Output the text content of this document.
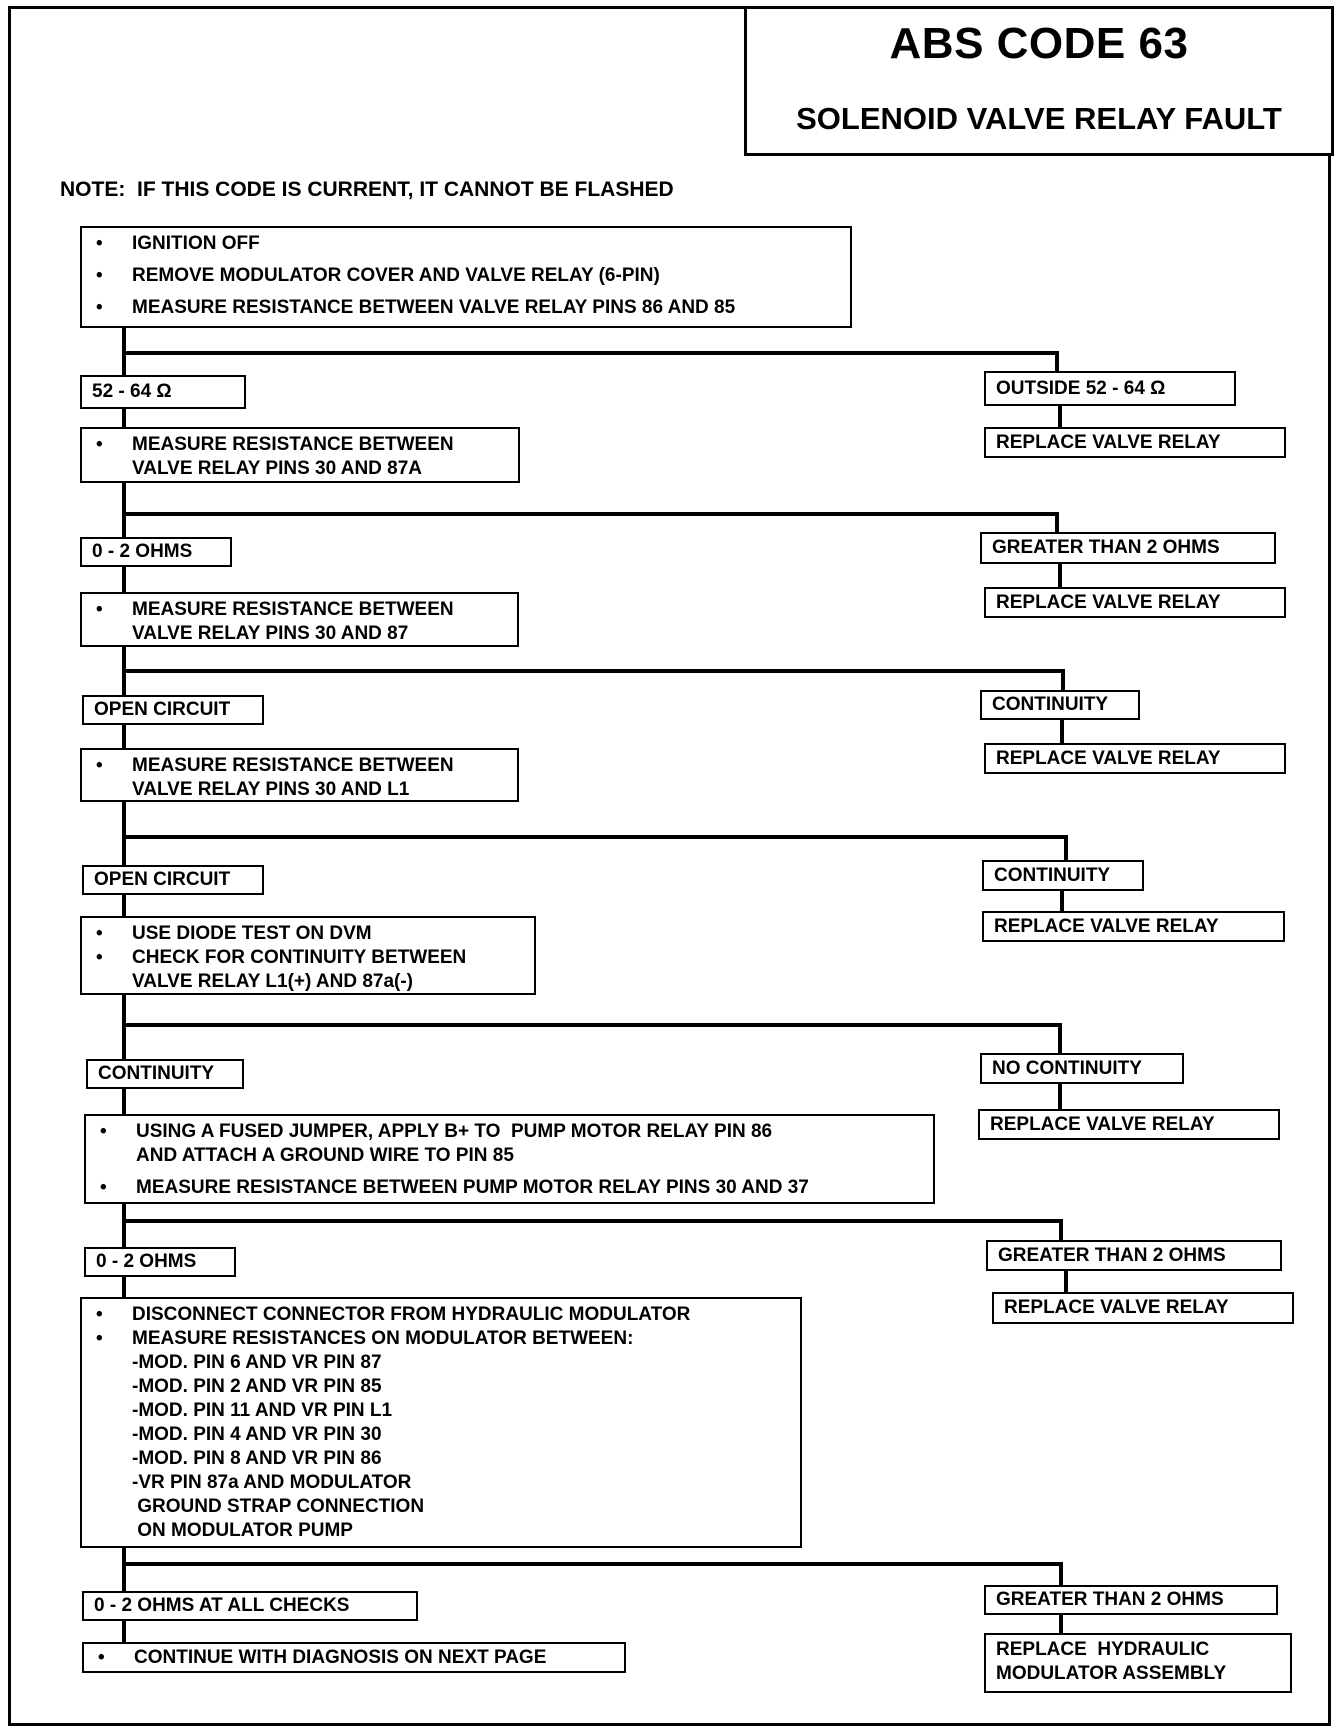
ABS CODE 63
SOLENOID VALVE RELAY FAULT
NOTE:  IF THIS CODE IS CURRENT, IT CANNOT BE FLASHED
•	IGNITION OFF
•	REMOVE MODULATOR COVER AND VALVE RELAY (6-PIN)
•	MEASURE RESISTANCE BETWEEN VALVE RELAY PINS 86 AND 85
52 - 64 Ω	OUTSIDE 52 - 64 Ω
REPLACE VALVE RELAY
•	MEASURE RESISTANCE BETWEEN
VALVE RELAY PINS 30 AND 87A
0 - 2 OHMS	GREATER THAN 2 OHMS
REPLACE VALVE RELAY
•	MEASURE RESISTANCE BETWEEN
VALVE RELAY PINS 30 AND 87
OPEN CIRCUIT	CONTINUITY
REPLACE VALVE RELAY
•	MEASURE RESISTANCE BETWEEN
VALVE RELAY PINS 30 AND L1
OPEN CIRCUIT	CONTINUITY
REPLACE VALVE RELAY
•	USE DIODE TEST ON DVM
•	CHECK FOR CONTINUITY BETWEEN
VALVE RELAY L1(+) AND 87a(-)
CONTINUITY	NO CONTINUITY
REPLACE VALVE RELAY
•	USING A FUSED JUMPER, APPLY B+ TO  PUMP MOTOR RELAY PIN 86
AND ATTACH A GROUND WIRE TO PIN 85
•	MEASURE RESISTANCE BETWEEN PUMP MOTOR RELAY PINS 30 AND 37
0 - 2 OHMS	GREATER THAN 2 OHMS
REPLACE VALVE RELAY
•	DISCONNECT CONNECTOR FROM HYDRAULIC MODULATOR
•	MEASURE RESISTANCES ON MODULATOR BETWEEN:
-MOD. PIN 6 AND VR PIN 87
-MOD. PIN 2 AND VR PIN 85
-MOD. PIN 11 AND VR PIN L1
-MOD. PIN 4 AND VR PIN 30
-MOD. PIN 8 AND VR PIN 86
-VR PIN 87a AND MODULATOR
GROUND STRAP CONNECTION
ON MODULATOR PUMP
0 - 2 OHMS AT ALL CHECKS	GREATER THAN 2 OHMS
REPLACE  HYDRAULIC
MODULATOR ASSEMBLY
•	CONTINUE WITH DIAGNOSIS ON NEXT PAGE
